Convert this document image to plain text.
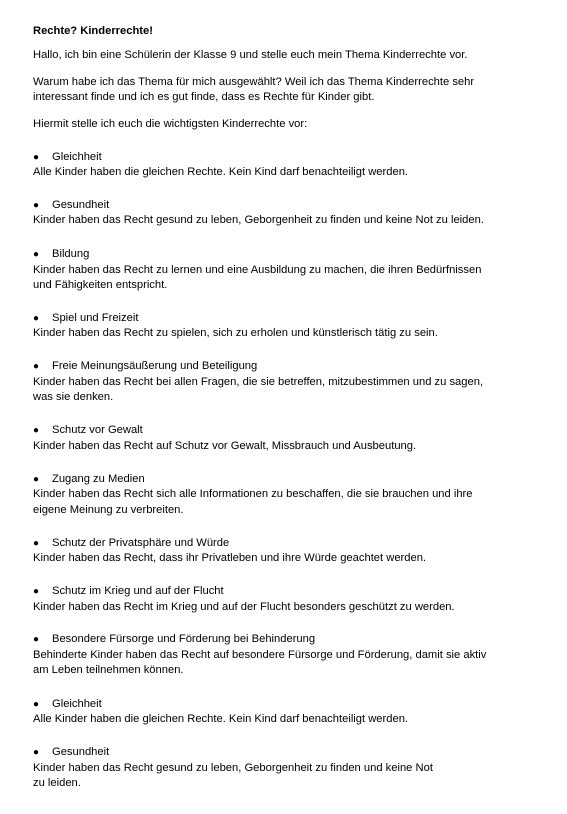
Rechte? Kinderrechte!
Hallo, ich bin eine Schülerin der Klasse 9 und stelle euch mein Thema Kinderrechte vor.
Warum habe ich das Thema für mich ausgewählt? Weil ich das Thema Kinderrechte sehr
interessant finde und ich es gut finde, dass es Rechte für Kinder gibt.
Hiermit stelle ich euch die wichtigsten Kinderrechte vor:
● Gleichheit
Alle Kinder haben die gleichen Rechte. Kein Kind darf benachteiligt werden.
● Gesundheit
Kinder haben das Recht gesund zu leben, Geborgenheit zu finden und keine Not zu leiden.
● Bildung
Kinder haben das Recht zu lernen und eine Ausbildung zu machen, die ihren Bedürfnissen
und Fähigkeiten entspricht.
● Spiel und Freizeit
Kinder haben das Recht zu spielen, sich zu erholen und künstlerisch tätig zu sein.
● Freie Meinungsäußerung und Beteiligung
Kinder haben das Recht bei allen Fragen, die sie betreffen, mitzubestimmen und zu sagen,
was sie denken.
● Schutz vor Gewalt
Kinder haben das Recht auf Schutz vor Gewalt, Missbrauch und Ausbeutung.
● Zugang zu Medien
Kinder haben das Recht sich alle Informationen zu beschaffen, die sie brauchen und ihre
eigene Meinung zu verbreiten.
● Schutz der Privatsphäre und Würde
Kinder haben das Recht, dass ihr Privatleben und ihre Würde geachtet werden.
● Schutz im Krieg und auf der Flucht
Kinder haben das Recht im Krieg und auf der Flucht besonders geschützt zu werden.
● Besondere Fürsorge und Förderung bei Behinderung
Behinderte Kinder haben das Recht auf besondere Fürsorge und Förderung, damit sie aktiv
am Leben teilnehmen können.
● Gleichheit
Alle Kinder haben die gleichen Rechte. Kein Kind darf benachteiligt werden.
● Gesundheit
Kinder haben das Recht gesund zu leben, Geborgenheit zu finden und keine Not
zu leiden.
